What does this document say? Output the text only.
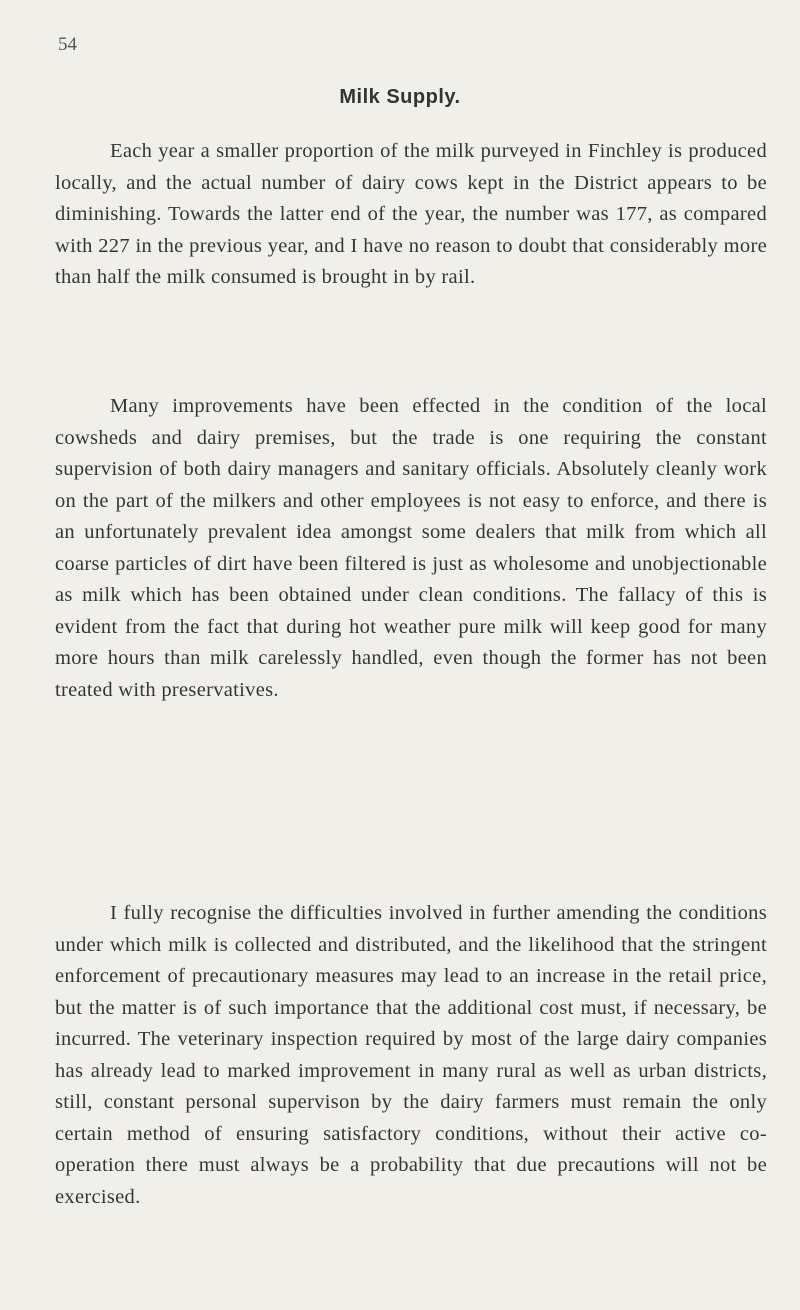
54
Milk Supply.

Each year a smaller proportion of the milk purveyed in Finchley is produced locally, and the actual number of dairy cows kept in the District appears to be diminishing. Towards the latter end of the year, the number was 177, as compared with 227 in the previous year, and I have no reason to doubt that considerably more than half the milk consumed is brought in by rail.

Many improvements have been effected in the condition of the local cowsheds and dairy premises, but the trade is one requiring the constant supervision of both dairy managers and sanitary officials. Absolutely cleanly work on the part of the milkers and other employees is not easy to enforce, and there is an unfortunately prevalent idea amongst some dealers that milk from which all coarse particles of dirt have been filtered is just as wholesome and unobjectionable as milk which has been obtained under clean conditions. The fallacy of this is evident from the fact that during hot weather pure milk will keep good for many more hours than milk carelessly handled, even though the former has not been treated with preservatives.

I fully recognise the difficulties involved in further amending the conditions under which milk is collected and distributed, and the likelihood that the stringent enforcement of precautionary measures may lead to an increase in the retail price, but the matter is of such importance that the additional cost must, if necessary, be incurred. The veterinary inspection required by most of the large dairy companies has already lead to marked improvement in many rural as well as urban districts, still, constant personal supervison by the dairy farmers must remain the only certain method of ensuring satisfactory conditions, without their active co-operation there must always be a probability that due precautions will not be exercised.
